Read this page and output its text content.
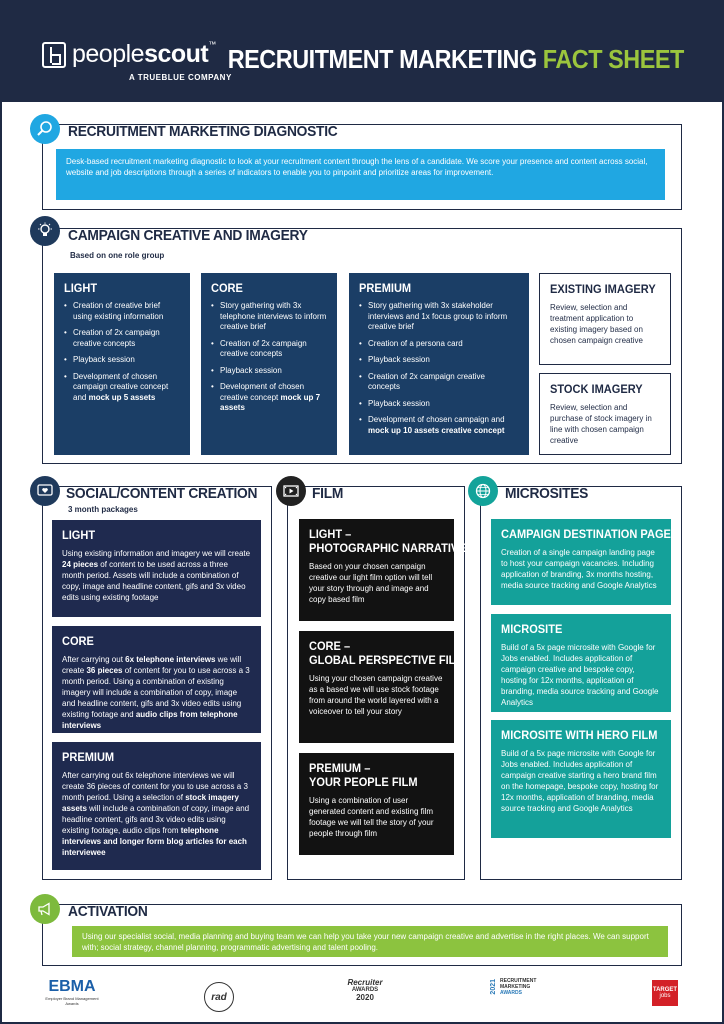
peoplescout™
A TRUEBLUE COMPANY
RECRUITMENT MARKETING FACT SHEET
RECRUITMENT MARKETING DIAGNOSTIC
Desk-based recruitment marketing diagnostic to look at your recruitment content through the lens of a candidate. We score your presence and content across social, website and job descriptions through a series of indicators to enable you to pinpoint and prioritize areas for improvement.
CAMPAIGN CREATIVE AND IMAGERY
Based on one role group
LIGHT
• Creation of creative brief using existing information
• Creation of 2x campaign creative concepts
• Playback session
• Development of chosen campaign creative concept and mock up 5 assets
CORE
• Story gathering with 3x telephone interviews to inform creative brief
• Creation of 2x campaign creative concepts
• Playback session
• Development of chosen creative concept mock up 7 assets
PREMIUM
• Story gathering with 3x stakeholder interviews and 1x focus group to inform creative brief
• Creation of a persona card
• Playback session
• Creation of 2x campaign creative concepts
• Playback session
• Development of chosen campaign and mock up 10 assets creative concept
EXISTING IMAGERY
Review, selection and treatment application to existing imagery based on chosen campaign creative
STOCK IMAGERY
Review, selection and purchase of stock imagery in line with chosen campaign creative
SOCIAL/CONTENT CREATION
3 month packages
LIGHT
Using existing information and imagery we will create 24 pieces of content to be used across a three month period. Assets will include a combination of copy, image and headline content, gifs and 3x video edits using existing footage
CORE
After carrying out 6x telephone interviews we will create 36 pieces of content for you to use across a 3 month period. Using a combination of existing imagery will include a combination of copy, image and headline content, gifs and 3x video edits using existing footage and audio clips from telephone interviews
PREMIUM
After carrying out 6x telephone interviews we will create 36 pieces of content for you to use across a 3 month period. Using a selection of stock imagery assets will include a combination of copy, image and headline content, gifs and 3x video edits using existing footage, audio clips from telephone interviews and longer form blog articles for each interviewee
FILM
LIGHT –
PHOTOGRAPHIC NARRATIVE
Based on your chosen campaign creative our light film option will tell your story through and image and copy based film
CORE –
GLOBAL PERSPECTIVE FILM
Using your chosen campaign creative as a based we will use stock footage from around the world layered with a voiceover to tell your story
PREMIUM –
YOUR PEOPLE FILM
Using a combination of user generated content and existing film footage we will tell the story of your people through film
MICROSITES
CAMPAIGN DESTINATION PAGE
Creation of a single campaign landing page to host your campaign vacancies. Including application of branding, 3x months hosting, media source tracking and Google Analytics
MICROSITE
Build of a 5x page microsite with Google for Jobs enabled. Includes application of campaign creative and bespoke copy, hosting for 12x months, application of branding, media source tracking and Google Analytics
MICROSITE WITH HERO FILM
Build of a 5x page microsite with Google for Jobs enabled. Includes application of campaign creative starting a hero brand film on the homepage, bespoke copy, hosting for 12x months, application of branding, media source tracking and Google Analytics
ACTIVATION
Using our specialist social, media planning and buying team we can help you take your new campaign creative and advertise in the right places. We can support with; social strategy, channel planning, programmatic advertising and talent pooling.
EBMA
Employer Brand Management Awards
rad
Recruiter
AWARDS
2020
2021 RECRUITMENT
MARKETING
AWARDS	TARGET
jobs
